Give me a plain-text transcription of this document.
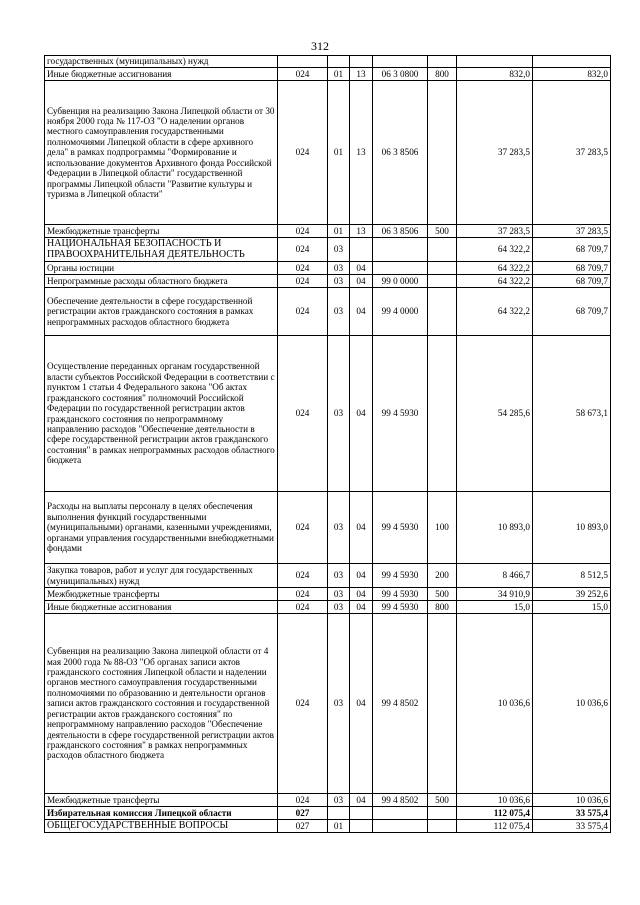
312
государственных (муниципальных) нужд							
Иные бюджетные ассигнования	024	01	13	06 3 0800	800	832,0	832,0
Субвенция на реализацию Закона Липецкой области от 30 ноября 2000 года № 117-ОЗ "О наделении органов местного самоуправления государственными полномочиями Липецкой области в сфере архивного дела" в рамках подпрограммы "Формирование и использование документов Архивного фонда Российской Федерации в Липецкой области" государственной программы Липецкой области "Развитие культуры и туризма в Липецкой области"	024	01	13	06 3 8506		37 283,5	37 283,5
Межбюджетные трансферты	024	01	13	06 3 8506	500	37 283,5	37 283,5
НАЦИОНАЛЬНАЯ БЕЗОПАСНОСТЬ И ПРАВООХРАНИТЕЛЬНАЯ ДЕЯТЕЛЬНОСТЬ	024	03				64 322,2	68 709,7
Органы юстиции	024	03	04			64 322,2	68 709,7
Непрограммные расходы областного бюджета	024	03	04	99 0 0000		64 322,2	68 709,7
Обеспечение деятельности в сфере государственной регистрации актов гражданского состояния в рамках непрограммных расходов областного бюджета	024	03	04	99 4 0000		64 322,2	68 709,7
Осуществление переданных органам государственной власти субъектов Российской Федерации в соответствии с пунктом 1 статьи 4 Федерального закона "Об актах гражданского состояния" полномочий Российской Федерации по государственной регистрации актов гражданского состояния по непрограммному направлению расходов "Обеспечение деятельности в сфере государственной регистрации актов гражданского состояния" в рамках непрограммных расходов областного бюджета	024	03	04	99 4 5930		54 285,6	58 673,1
Расходы на выплаты персоналу в целях обеспечения выполнения функций государственными (муниципальными) органами, казенными учреждениями, органами управления государственными внебюджетными фондами	024	03	04	99 4 5930	100	10 893,0	10 893,0
Закупка товаров, работ и услуг для государственных (муниципальных) нужд	024	03	04	99 4 5930	200	8 466,7	8 512,5
Межбюджетные трансферты	024	03	04	99 4 5930	500	34 910,9	39 252,6
Иные бюджетные ассигнования	024	03	04	99 4 5930	800	15,0	15,0
Субвенция на реализацию Закона липецкой области от 4 мая 2000 года № 88-ОЗ "Об органах записи актов гражданского состояния Липецкой области и наделении органов местного самоуправления государственными полномочиями по образованию и деятельности органов записи актов гражданского состояния и государственной регистрации актов гражданского состояния" по непрограммному направлению расходов "Обеспечение деятельности в сфере государственной регистрации актов гражданского состояния" в рамках непрограммных расходов областного бюджета	024	03	04	99 4 8502		10 036,6	10 036,6
Межбюджетные трансферты	024	03	04	99 4 8502	500	10 036,6	10 036,6
Избирательная комиссия Липецкой области	027					112 075,4	33 575,4
ОБЩЕГОСУДАРСТВЕННЫЕ ВОПРОСЫ	027	01				112 075,4	33 575,4
